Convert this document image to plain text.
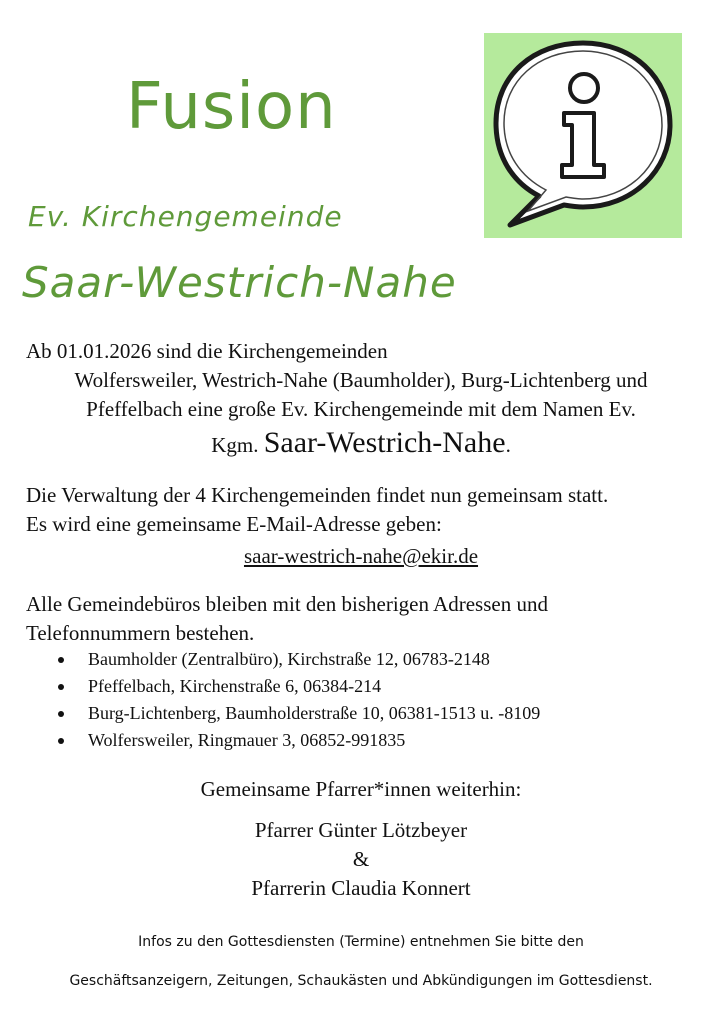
Fusion
Ev. Kirchengemeinde
Saar-Westrich-Nahe
Ab 01.01.2026 sind die Kirchengemeinden
Wolfersweiler, Westrich-Nahe (Baumholder), Burg-Lichtenberg und
Pfeffelbach eine große Ev. Kirchengemeinde mit dem Namen Ev.
Kgm. Saar-Westrich-Nahe.
Die Verwaltung der 4 Kirchengemeinden findet nun gemeinsam statt.
Es wird eine gemeinsame E-Mail-Adresse geben:
saar-westrich-nahe@ekir.de
Alle Gemeindebüros bleiben mit den bisherigen Adressen und
Telefonnummern bestehen.
Baumholder (Zentralbüro), Kirchstraße 12, 06783-2148
Pfeffelbach, Kirchenstraße 6, 06384-214
Burg-Lichtenberg, Baumholderstraße 10, 06381-1513 u. -8109
Wolfersweiler, Ringmauer 3, 06852-991835
Gemeinsame Pfarrer*innen weiterhin:
Pfarrer Günter Lötzbeyer
&
Pfarrerin Claudia Konnert
Infos zu den Gottesdiensten (Termine) entnehmen Sie bitte den
Geschäftsanzeigern, Zeitungen, Schaukästen und Abkündigungen im Gottesdienst.
